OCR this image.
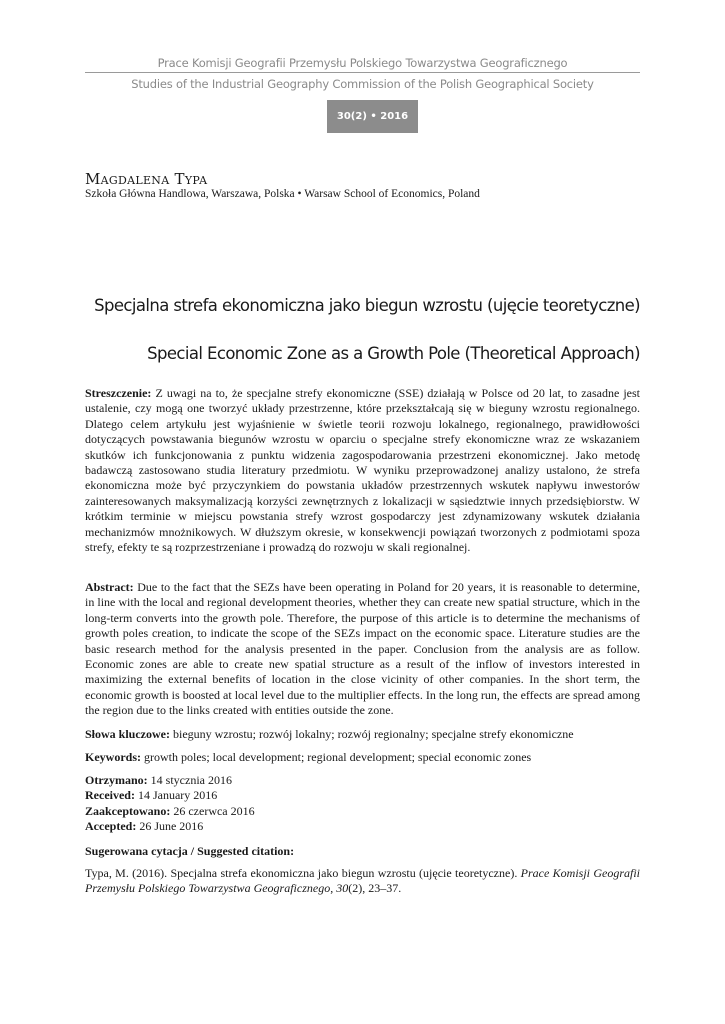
Prace Komisji Geografii Przemysłu Polskiego Towarzystwa Geograficznego
Studies of the Industrial Geography Commission of the Polish Geographical Society
30(2) • 2016
Magdalena Typa
Szkoła Główna Handlowa, Warszawa, Polska • Warsaw School of Economics, Poland
Specjalna strefa ekonomiczna jako biegun wzrostu (ujęcie teoretyczne)
Special Economic Zone as a Growth Pole (Theoretical Approach)
Streszczenie: Z uwagi na to, że specjalne strefy ekonomiczne (SSE) działają w Polsce od 20 lat, to zasadne jest ustalenie, czy mogą one tworzyć układy przestrzenne, które przekształcają się w bieguny wzrostu regionalnego. Dlatego celem artykułu jest wyjaśnienie w świetle teorii rozwoju lokalnego, regionalnego, prawidłowości dotyczących powstawania biegunów wzrostu w oparciu o specjalne strefy ekonomiczne wraz ze wskazaniem skutków ich funkcjonowania z punktu widzenia zagospodarowania przestrzeni ekonomicznej. Jako metodę badawczą zastosowano studia literatury przedmiotu. W wyniku przeprowadzonej analizy ustalono, że strefa ekonomiczna może być przyczynkiem do powstania układów przestrzennych wskutek napływu inwestorów zainteresowanych maksymalizacją korzyści zewnętrznych z lokalizacji w sąsiedztwie innych przedsiębiorstw. W krótkim terminie w miejscu powstania strefy wzrost gospodarczy jest zdynamizowany wskutek działania mechanizmów mnożnikowych. W dłuższym okresie, w konsekwencji powiązań tworzonych z podmiotami spoza strefy, efekty te są rozprzestrzeniane i prowadzą do rozwoju w skali regionalnej.
Abstract: Due to the fact that the SEZs have been operating in Poland for 20 years, it is reasonable to determine, in line with the local and regional development theories, whether they can create new spatial structure, which in the long-term converts into the growth pole. Therefore, the purpose of this article is to determine the mechanisms of growth poles creation, to indicate the scope of the SEZs impact on the economic space. Literature studies are the basic research method for the analysis presented in the paper. Conclusion from the analysis are as follow. Economic zones are able to create new spatial structure as a result of the inflow of investors interested in maximizing the external benefits of location in the close vicinity of other companies. In the short term, the economic growth is boosted at local level due to the multiplier effects. In the long run, the effects are spread among the region due to the links created with entities outside the zone.
Słowa kluczowe: bieguny wzrostu; rozwój lokalny; rozwój regionalny; specjalne strefy ekonomiczne
Keywords: growth poles; local development; regional development; special economic zones
Otrzymano: 14 stycznia 2016
Received: 14 January 2016
Zaakceptowano: 26 czerwca 2016
Accepted: 26 June 2016
Sugerowana cytacja / Suggested citation:
Typa, M. (2016). Specjalna strefa ekonomiczna jako biegun wzrostu (ujęcie teoretyczne). Prace Komisji Geografii Przemysłu Polskiego Towarzystwa Geograficznego, 30(2), 23–37.
